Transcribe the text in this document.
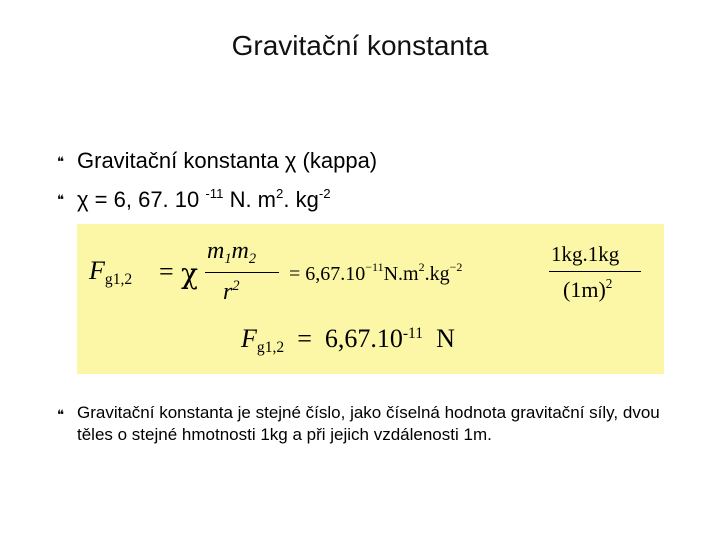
Gravitační konstanta
❝ Gravitační konstanta χ (kappa)
❝ χ = 6, 67. 10 $^{-11}$ N. $m^2$. $kg^{-2}$
$F_{g1,2} = \chi$
$m_1m_2$
$r^2$
= $6,67.10^{-11}N.m^2.kg^{-2}$
1kg.1kg
$(1m)^2$
$F_{g1,2} = 6,67.10^{-11}$ N
❝ Gravitační konstanta je stejné číslo, jako číselná hodnota gravitační síly, dvou těles o stejné hmotnosti 1kg a při jejich vzdálenosti 1m.
